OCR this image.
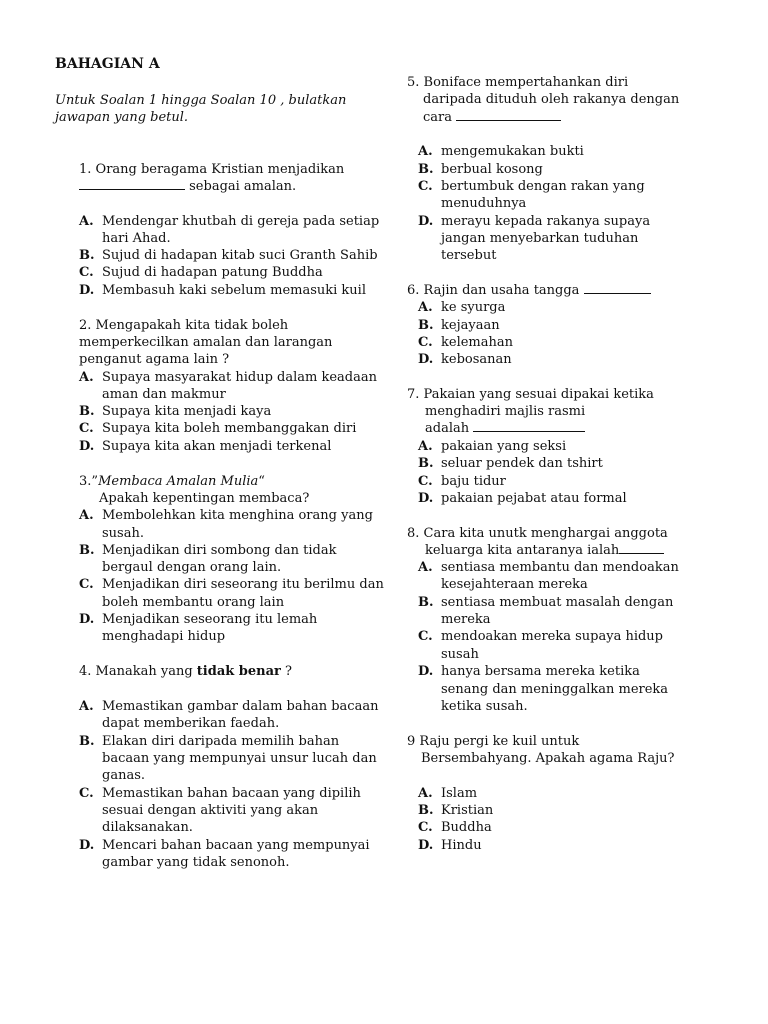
BAHAGIAN A
Untuk Soalan 1 hingga Soalan 10 , bulatkan
jawapan yang betul.
1. Orang beragama Kristian menjadikan
sebagai amalan.
A. Mendengar khutbah di gereja pada setiap
hari Ahad.
B. Sujud di hadapan kitab suci Granth Sahib
C. Sujud di hadapan patung Buddha
D. Membasuh kaki sebelum memasuki kuil
2. Mengapakah kita tidak boleh
memperkecilkan amalan dan larangan
penganut agama lain ?
A. Supaya masyarakat hidup dalam keadaan
aman dan makmur
B. Supaya kita menjadi kaya
C. Supaya kita boleh membanggakan diri
D. Supaya kita akan menjadi terkenal
3.”Membaca Amalan Mulia“
Apakah kepentingan membaca?
A. Membolehkan kita menghina orang yang
susah.
B. Menjadikan diri sombong dan tidak
bergaul dengan orang lain.
C. Menjadikan diri seseorang itu berilmu dan
boleh membantu orang lain
D. Menjadikan seseorang itu lemah
menghadapi hidup
4. Manakah yang tidak benar ?
A. Memastikan gambar dalam bahan bacaan
dapat memberikan faedah.
B. Elakan diri daripada memilih bahan
bacaan yang mempunyai unsur lucah dan
ganas.
C. Memastikan bahan bacaan yang dipilih
sesuai dengan aktiviti yang akan
dilaksanakan.
D. Mencari bahan bacaan yang mempunyai
gambar yang tidak senonoh.
5. Boniface mempertahankan diri
daripada dituduh oleh rakanya dengan
cara
A. mengemukakan bukti
B. berbual kosong
C. bertumbuk dengan rakan yang
menuduhnya
D. merayu kepada rakanya supaya
jangan menyebarkan tuduhan
tersebut
6. Rajin dan usaha tangga
A. ke syurga
B. kejayaan
C. kelemahan
D. kebosanan
7. Pakaian yang sesuai dipakai ketika
menghadiri majlis rasmi
adalah
A. pakaian yang seksi
B. seluar pendek dan tshirt
C. baju tidur
D. pakaian pejabat atau formal
8. Cara kita unutk menghargai anggota
keluarga kita antaranya ialah
A. sentiasa membantu dan mendoakan
kesejahteraan mereka
B. sentiasa membuat masalah dengan
mereka
C. mendoakan mereka supaya hidup
susah
D. hanya bersama mereka ketika
senang dan meninggalkan mereka
ketika susah.
9 Raju pergi ke kuil untuk
Bersembahyang. Apakah agama Raju?
A. Islam
B. Kristian
C. Buddha
D. Hindu
